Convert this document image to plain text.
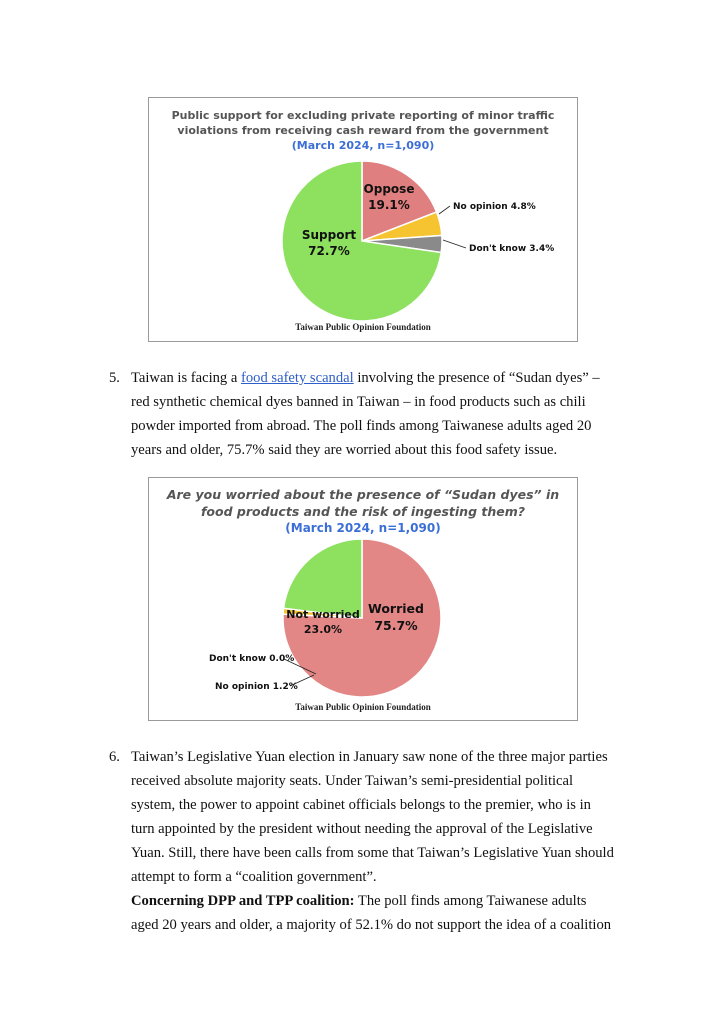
Public support for excluding private reporting of minor traffic
violations from receiving cash reward from the government
(March 2024, n=1,090)
Oppose
19.1%
Support
72.7%
No opinion 4.8%
Don't know 3.4%
Taiwan Public Opinion Foundation
5. Taiwan is facing a food safety scandal involving the presence of “Sudan dyes” –
red synthetic chemical dyes banned in Taiwan – in food products such as chili
powder imported from abroad. The poll finds among Taiwanese adults aged 20
years and older, 75.7% said they are worried about this food safety issue.
Are you worried about the presence of “Sudan dyes” in
food products and the risk of ingesting them?
(March 2024, n=1,090)
Not worried
23.0%
Worried
75.7%
Don't know 0.0%
No opinion 1.2%
Taiwan Public Opinion Foundation
6. Taiwan’s Legislative Yuan election in January saw none of the three major parties
received absolute majority seats. Under Taiwan’s semi-presidential political
system, the power to appoint cabinet officials belongs to the premier, who is in
turn appointed by the president without needing the approval of the Legislative
Yuan. Still, there have been calls from some that Taiwan’s Legislative Yuan should
attempt to form a “coalition government”.
Concerning DPP and TPP coalition: The poll finds among Taiwanese adults
aged 20 years and older, a majority of 52.1% do not support the idea of a coalition
